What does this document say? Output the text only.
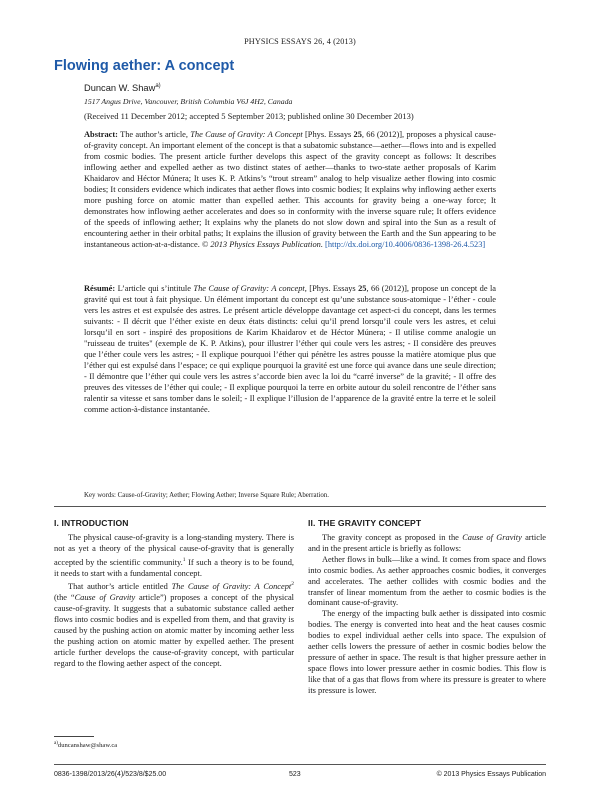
PHYSICS ESSAYS 26, 4 (2013)
Flowing aether: A concept
Duncan W. Shaw$^{a)}$
1517 Angus Drive, Vancouver, British Columbia V6J 4H2, Canada
(Received 11 December 2012; accepted 5 September 2013; published online 30 December 2013)
Abstract: The author’s article, The Cause of Gravity: A Concept [Phys. Essays 25, 66 (2012)], proposes a physical cause-of-gravity concept. An important element of the concept is that a subatomic substance—aether—flows into and is expelled from cosmic bodies. The present article further develops this aspect of the gravity concept as follows: It describes inflowing aether and expelled aether as two distinct states of aether—thanks to two-state aether proposals of Karim Khaidarov and Héctor Múnera; It uses K. P. Atkins’s “trout stream” analog to help visualize aether flowing into cosmic bodies; It considers evidence which indicates that aether flows into cosmic bodies; It explains why inflowing aether exerts more pushing force on atomic matter than expelled aether. This accounts for gravity being a one-way force; It demonstrates how inflowing aether accelerates and does so in conformity with the inverse square rule; It offers evidence of the speeds of inflowing aether; It explains why the planets do not slow down and spiral into the Sun as a result of encountering aether in their orbital paths; It explains the illusion of gravity between the Earth and the Sun appearing to be instantaneous action-at-a-distance. © 2013 Physics Essays Publication. [http://dx.doi.org/10.4006/0836-1398-26.4.523]
Résumé: L’article qui s’intitule The Cause of Gravity: A concept, [Phys. Essays 25, 66 (2012)], propose un concept de la gravité qui est tout à fait physique. Un élément important du concept est qu’une substance sous-atomique - l’éther - coule vers les astres et est expulsée des astres. Le présent article développe davantage cet aspect-ci du concept, dans les termes suivants: - Il décrit que l’éther existe en deux états distincts: celui qu’il prend lorsqu’il coule vers les astres, et celui lorsqu’il en sort - inspiré des propositions de Karim Khaidarov et de Héctor Múnera; - Il utilise comme analogie un "ruisseau de truites" (exemple de K. P. Atkins), pour illustrer l’éther qui coule vers les astres; - Il considère des preuves que l’éther coule vers les astres; - Il explique pourquoi l’éther qui pénètre les astres pousse la matière atomique plus que l’éther qui est expulsé dans l’espace; ce qui explique pourquoi la gravité est une force qui avance dans une seule direction; - Il démontre que l’éther qui coule vers les astres s’accorde bien avec la loi du “carré inverse” de la gravité; - Il offre des preuves des vitesses de l’éther qui coule; - Il explique pourquoi la terre en orbite autour du soleil rencontre de l’éther sans ralentir sa vitesse et sans tomber dans le soleil; - Il explique l’illusion de l’apparence de la gravité entre la terre et le soleil comme action-à-distance instantanée.
Key words: Cause-of-Gravity; Aether; Flowing Aether; Inverse Square Rule; Aberration.
I. INTRODUCTION	II. THE GRAVITY CONCEPT

The physical cause-of-gravity is a long-standing mystery. There is not as yet a theory of the physical cause-of-gravity that is generally accepted by the scientific community.$^1$ If such a theory is to be found, it needs to start with a fundamental concept.

That author’s article entitled The Cause of Gravity: A Concept$^2$ (the “Cause of Gravity article”) proposes a concept of the physical cause-of-gravity. It suggests that a subatomic substance called aether flows into cosmic bodies and is expelled from them, and that gravity is caused by the pushing action on atomic matter by incoming aether less the pushing action on atomic matter by expelled aether. The present article further develops the cause-of-gravity concept, with particular regard to the flowing aether aspect of the concept.

The gravity concept as proposed in the Cause of Gravity article and in the present article is briefly as follows:

Aether flows in bulk—like a wind. It comes from space and flows into cosmic bodies. As aether approaches cosmic bodies, it converges and accelerates. The aether collides with cosmic bodies and the transfer of linear momentum from the aether to cosmic bodies is the dominant cause-of-gravity.

The energy of the impacting bulk aether is dissipated into cosmic bodies. The energy is converted into heat and the heat causes cosmic bodies to expel individual aether cells into space. The expulsion of aether cells lowers the pressure of aether in cosmic bodies below the pressure of aether in space. The result is that higher pressure aether in space flows into lower pressure aether in cosmic bodies. This flow is like that of a gas that flows from where its pressure is greater to where its pressure is lower.

$^{a)}$duncanshaw@shaw.ca
0836-1398/2013/26(4)/523/8/$25.00	523	© 2013 Physics Essays Publication
